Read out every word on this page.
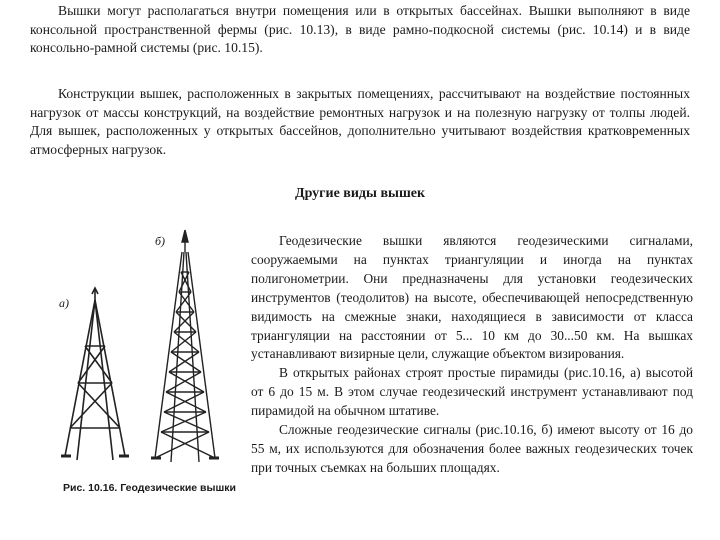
Вышки могут располагаться внутри помещения или в открытых бассейнах. Вышки выполняют в виде консольной пространственной фермы (рис. 10.13), в виде рамно-подкосной системы (рис. 10.14) и в виде консольно-рамной системы (рис. 10.15).

Конструкции вышек, расположенных в закрытых помещениях, рассчитывают на воздействие постоянных нагрузок от массы конструкций, на воздействие ремонтных нагрузок и на полезную нагрузку от толпы людей. Для вышек, расположенных у открытых бассейнов, дополнительно учитывают воздействия кратковременных атмосферных нагрузок.

Другие виды вышек
а)
б)
Рис. 10.16. Геодезические вышки

Геодезические вышки являются геодезическими сигналами, сооружаемыми на пунктах триангуляции и иногда на пунктах полигонометрии. Они предназначены для установки геодезических инструментов (теодолитов) на высоте, обеспечивающей непосредственную видимость на смежные знаки, находящиеся в зависимости от класса триангуляции на расстоянии от 5... 10 км до 30...50 км. На вышках устанавливают визирные цели, служащие объектом визирования.

В открытых районах строят простые пирамиды (рис.10.16, а) высотой от 6 до 15 м. В этом случае геодезический инструмент устанавливают под пирамидой на обычном штативе.

Сложные геодезические сигналы (рис.10.16, б) имеют высоту от 16 до 55 м, их используются для обозначения более важных геодезических точек при точных съемках на больших площадях.
